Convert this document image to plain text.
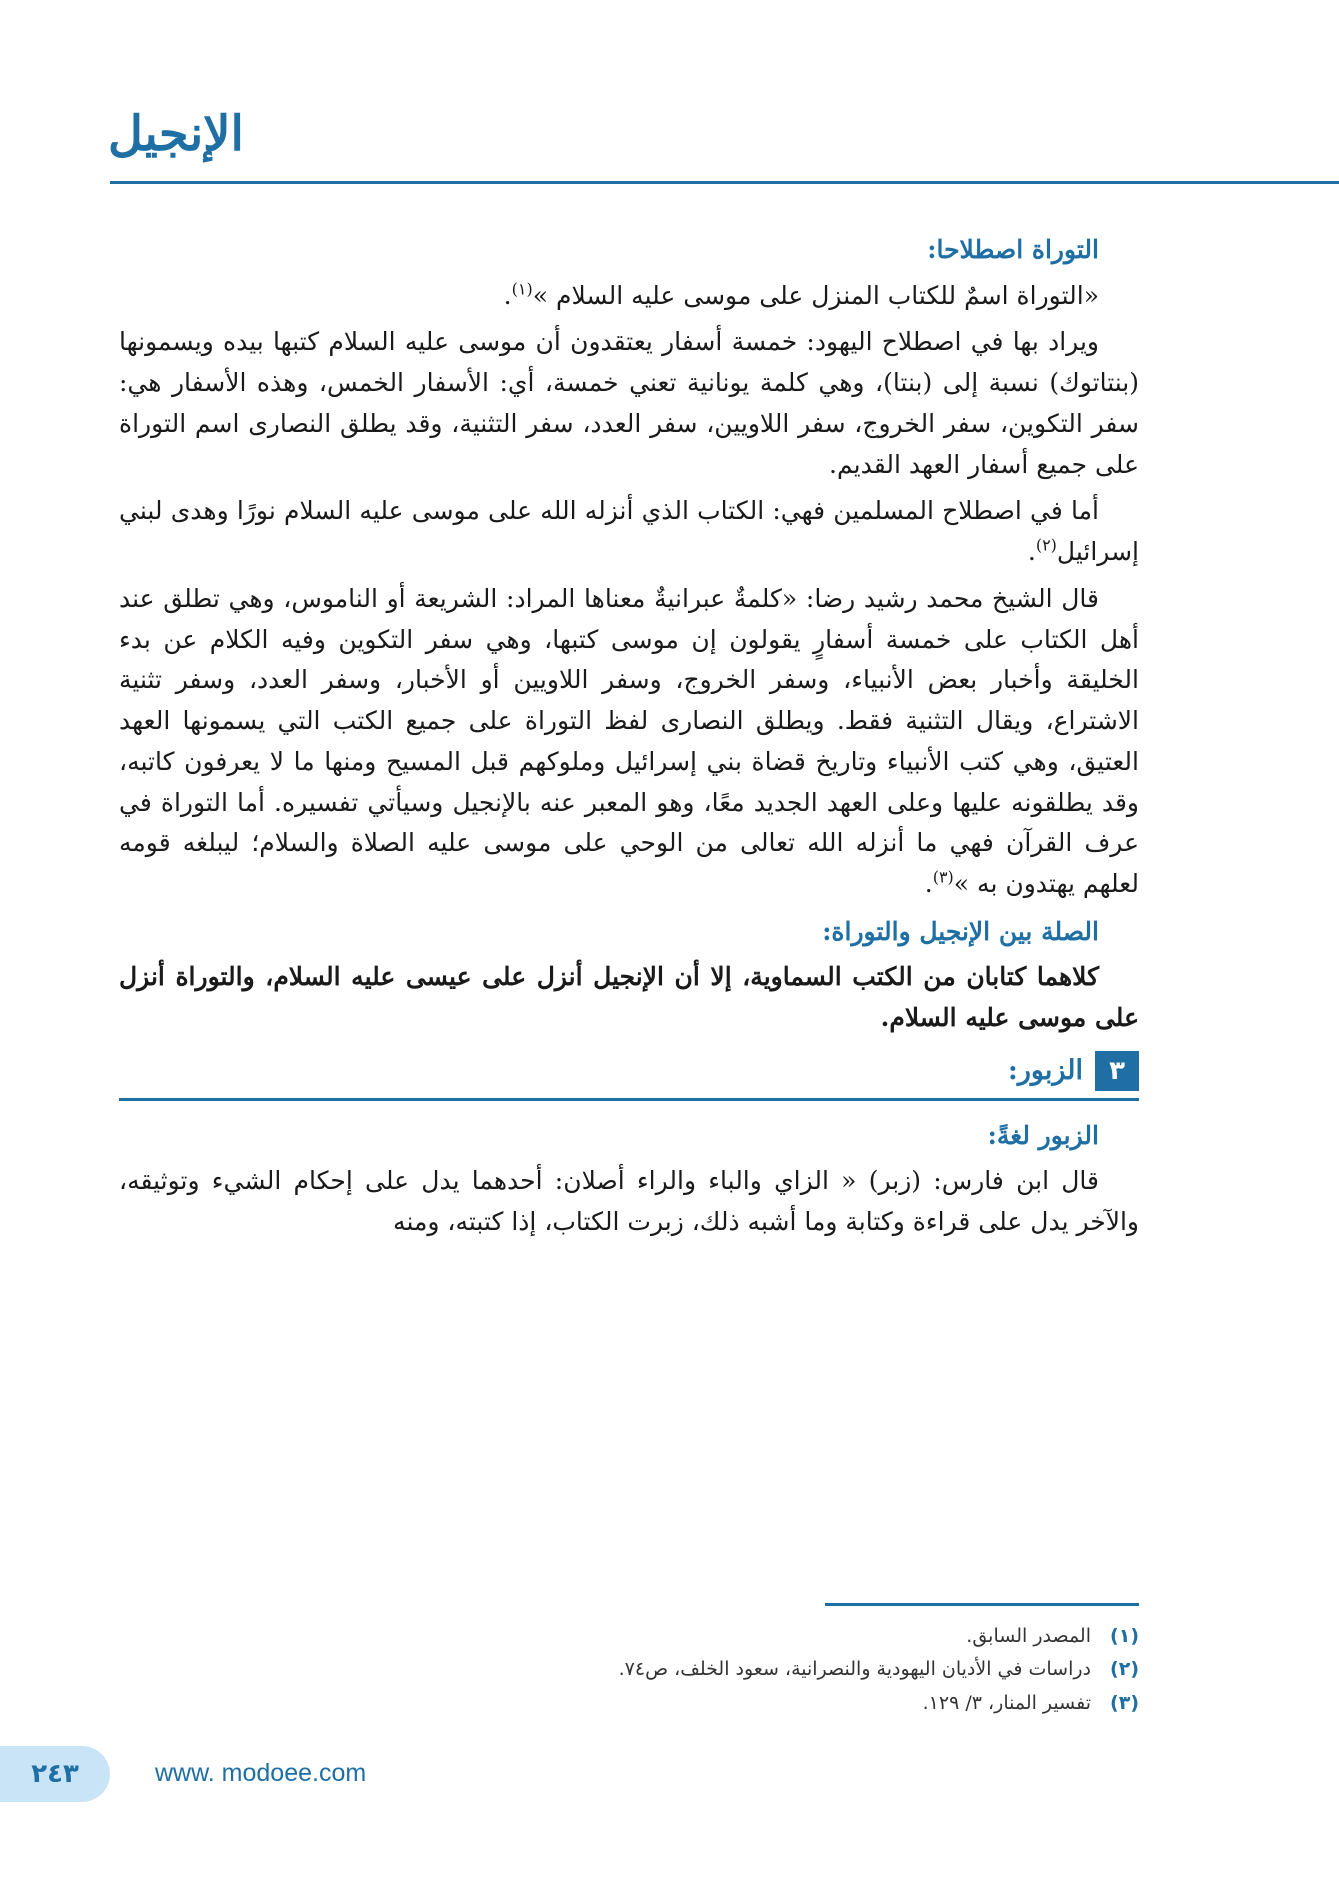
الإنجيل
التوراة اصطلاحا:

«التوراة اسمٌ للكتاب المنزل على موسى عليه السلام »$^{(١)}$.

ويراد بها في اصطلاح اليهود: خمسة أسفار يعتقدون أن موسى عليه السلام كتبها بيده ويسمونها (بنتاتوك) نسبة إلى (بنتا)، وهي كلمة يونانية تعني خمسة، أي: الأسفار الخمس، وهذه الأسفار هي: سفر التكوين، سفر الخروج، سفر اللاويين، سفر العدد، سفر التثنية، وقد يطلق النصارى اسم التوراة على جميع أسفار العهد القديم.

أما في اصطلاح المسلمين فهي: الكتاب الذي أنزله الله على موسى عليه السلام نورًا وهدى لبني إسرائيل$^{(٢)}$.

قال الشيخ محمد رشيد رضا: «كلمةٌ عبرانيةٌ معناها المراد: الشريعة أو الناموس، وهي تطلق عند أهل الكتاب على خمسة أسفارٍ يقولون إن موسى كتبها، وهي سفر التكوين وفيه الكلام عن بدء الخليقة وأخبار بعض الأنبياء، وسفر الخروج، وسفر اللاويين أو الأخبار، وسفر العدد، وسفر تثنية الاشتراع، ويقال التثنية فقط. ويطلق النصارى لفظ التوراة على جميع الكتب التي يسمونها العهد العتيق، وهي كتب الأنبياء وتاريخ قضاة بني إسرائيل وملوكهم قبل المسيح ومنها ما لا يعرفون كاتبه، وقد يطلقونه عليها وعلى العهد الجديد معًا، وهو المعبر عنه بالإنجيل وسيأتي تفسيره. أما التوراة في عرف القرآن فهي ما أنزله الله تعالى من الوحي على موسى عليه الصلاة والسلام؛ ليبلغه قومه لعلهم يهتدون به »$^{(٣)}$.

الصلة بين الإنجيل والتوراة:

كلاهما كتابان من الكتب السماوية، إلا أن الإنجيل أنزل على عيسى عليه السلام، والتوراة أنزل على موسى عليه السلام.

٣
الزبور:
الزبور لغةً:

قال ابن فارس: (زبر) « الزاي والباء والراء أصلان: أحدهما يدل على إحكام الشيء وتوثيقه، والآخر يدل على قراءة وكتابة وما أشبه ذلك، زبرت الكتاب، إذا كتبته، ومنه

(١)
المصدر السابق.
(٢)
دراسات في الأديان اليهودية والنصرانية، سعود الخلف، ص٧٤.
(٣)
تفسير المنار، ٣/ ١٢٩.
٢٤٣	www. modoee.com
